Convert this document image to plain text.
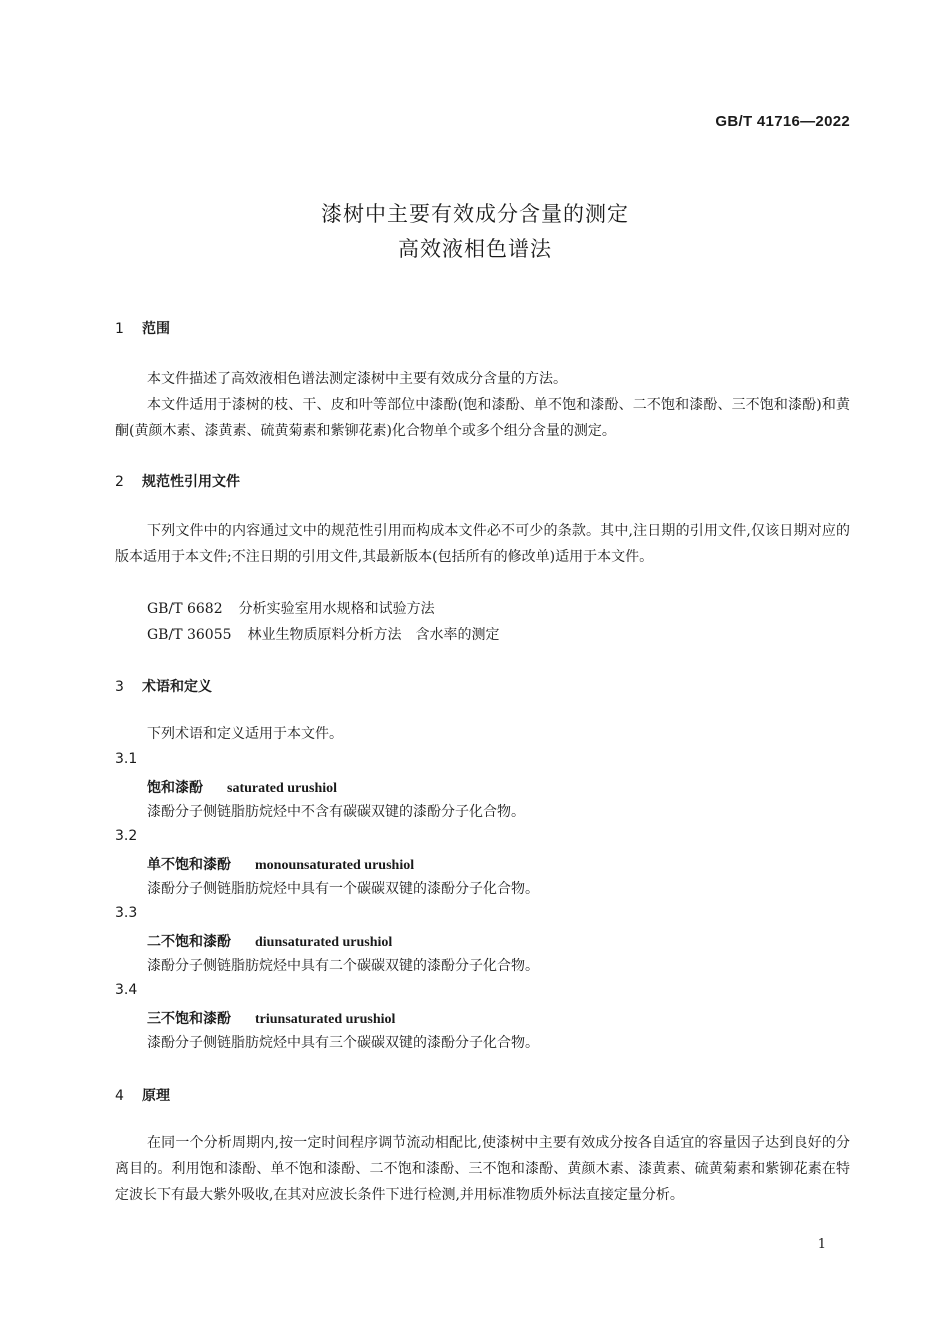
GB/T 41716—2022
漆树中主要有效成分含量的测定
高效液相色谱法
1 范围
本文件描述了高效液相色谱法测定漆树中主要有效成分含量的方法。
本文件适用于漆树的枝、干、皮和叶等部位中漆酚(饱和漆酚、单不饱和漆酚、二不饱和漆酚、三不饱和漆酚)和黄酮(黄颜木素、漆黄素、硫黄菊素和紫铆花素)化合物单个或多个组分含量的测定。
2 规范性引用文件
下列文件中的内容通过文中的规范性引用而构成本文件必不可少的条款。其中,注日期的引用文件,仅该日期对应的版本适用于本文件;不注日期的引用文件,其最新版本(包括所有的修改单)适用于本文件。
GB/T 6682 分析实验室用水规格和试验方法
GB/T 36055 林业生物质原料分析方法　含水率的测定
3 术语和定义
下列术语和定义适用于本文件。
3.1
饱和漆酚 saturated urushiol
漆酚分子侧链脂肪烷烃中不含有碳碳双键的漆酚分子化合物。
3.2
单不饱和漆酚 monounsaturated urushiol
漆酚分子侧链脂肪烷烃中具有一个碳碳双键的漆酚分子化合物。
3.3
二不饱和漆酚 diunsaturated urushiol
漆酚分子侧链脂肪烷烃中具有二个碳碳双键的漆酚分子化合物。
3.4
三不饱和漆酚 triunsaturated urushiol
漆酚分子侧链脂肪烷烃中具有三个碳碳双键的漆酚分子化合物。
4 原理
在同一个分析周期内,按一定时间程序调节流动相配比,使漆树中主要有效成分按各自适宜的容量因子达到良好的分离目的。利用饱和漆酚、单不饱和漆酚、二不饱和漆酚、三不饱和漆酚、黄颜木素、漆黄素、硫黄菊素和紫铆花素在特定波长下有最大紫外吸收,在其对应波长条件下进行检测,并用标准物质外标法直接定量分析。
1
